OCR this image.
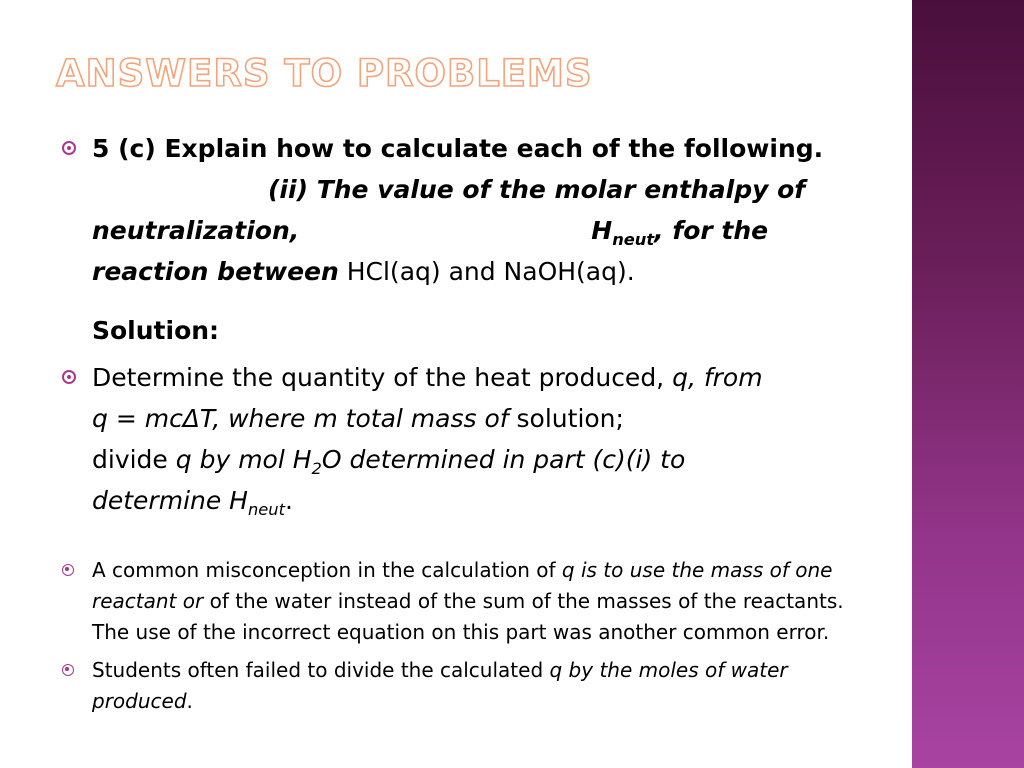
ANSWERS TO PROBLEMS
5 (c) Explain how to calculate each of the following.
(ii) The value of the molar enthalpy of
neutralization,	$H_{neut}$, for the
reaction between HCl(aq) and NaOH(aq).
Solution:
Determine the quantity of the heat produced, q, from
q = mcΔT, where m total mass of solution;
divide q by mol $H_2O$ determined in part (c)(i) to
determine $H_{neut}$.
A common misconception in the calculation of q is to use the mass of one
reactant or of the water instead of the sum of the masses of the reactants.
The use of the incorrect equation on this part was another common error.
Students often failed to divide the calculated q by the moles of water
produced.
